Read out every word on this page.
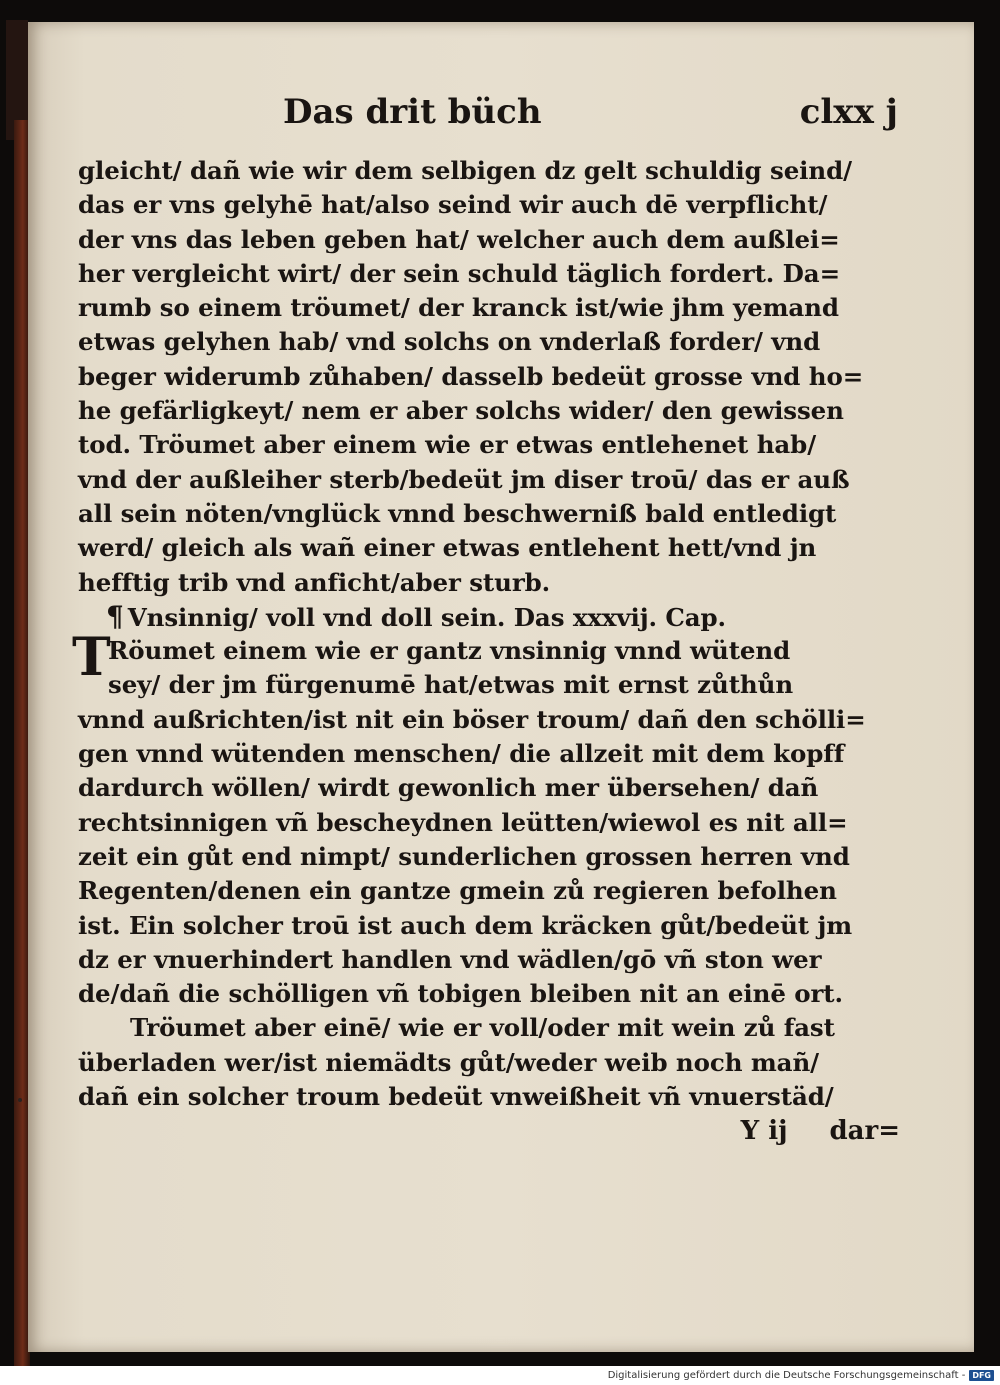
Das drit büch	clxx j
gleicht/ dañ wie wir dem selbigen dz gelt schuldig seind/
das er vns gelyhē hat/also seind wir auch dē verpflicht/
der vns das leben geben hat/ welcher auch dem außlei=
her vergleicht wirt/ der sein schuld täglich fordert. Da=
rumb so einem tröumet/ der kranck ist/wie jhm yemand
etwas gelyhen hab/ vnd solchs on vnderlaß forder/ vnd
beger widerumb zůhaben/ dasselb bedeüt grosse vnd ho=
he gefärligkeyt/ nem er aber solchs wider/ den gewissen
tod. Tröumet aber einem wie er etwas entlehenet hab/
vnd der außleiher sterb/bedeüt jm diser troū/ das er auß
all sein nöten/vnglück vnnd beschwerniß bald entledigt
werd/ gleich als wañ einer etwas entlehent hett/vnd jn
hefftig trib vnd anficht/aber sturb.
¶ Vnsinnig/ voll vnd doll sein. Das xxxvij. Cap.
T
Röumet einem wie er gantz vnsinnig vnnd wütend
sey/ der jm fürgenumē hat/etwas mit ernst zůthůn
vnnd außrichten/ist nit ein böser troum/ dañ den schölli=
gen vnnd wütenden menschen/ die allzeit mit dem kopff
dardurch wöllen/ wirdt gewonlich mer übersehen/ dañ
rechtsinnigen vñ bescheydnen leütten/wiewol es nit all=
zeit ein gůt end nimpt/ sunderlichen grossen herren vnd
Regenten/denen ein gantze gmein zů regieren befolhen
ist. Ein solcher troū ist auch dem kräcken gůt/bedeüt jm
dz er vnuerhindert handlen vnd wädlen/gō vñ ston wer
de/dañ die schölligen vñ tobigen bleiben nit an einē ort.
Tröumet aber einē/ wie er voll/oder mit wein zů fast
überladen wer/ist niemädts gůt/weder weib noch mañ/
dañ ein solcher troum bedeüt vnweißheit vñ vnuerstäd/
Y ij dar=
Digitalisierung gefördert durch die Deutsche Forschungsgemeinschaft - DFG
